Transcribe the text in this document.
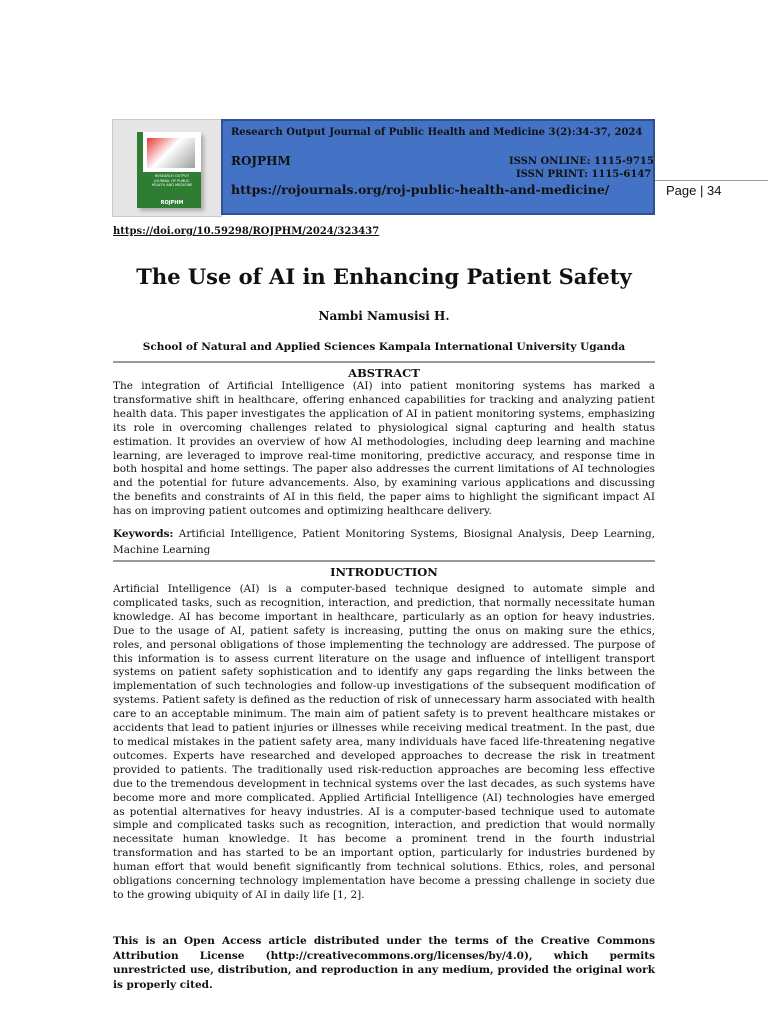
RESEARCH OUTPUT
JOURNAL OF PUBLIC
HEALTH AND MEDICINE
ROJPHM
Research Output Journal of Public Health and Medicine 3(2):34-37, 2024
ROJPHM	ISSN ONLINE: 1115-9715
ISSN PRINT: 1115-6147
https://rojournals.org/roj-public-health-and-medicine/	Page | 34
https://doi.org/10.59298/ROJPHM/2024/323437
The Use of AI in Enhancing Patient Safety
Nambi Namusisi H.
School of Natural and Applied Sciences Kampala International University Uganda
ABSTRACT

The integration of Artificial Intelligence (AI) into patient monitoring systems has marked a transformative shift in healthcare, offering enhanced capabilities for tracking and analyzing patient health data. This paper investigates the application of AI in patient monitoring systems, emphasizing its role in overcoming challenges related to physiological signal capturing and health status estimation. It provides an overview of how AI methodologies, including deep learning and machine learning, are leveraged to improve real-time monitoring, predictive accuracy, and response time in both hospital and home settings. The paper also addresses the current limitations of AI technologies and the potential for future advancements. Also, by examining various applications and discussing the benefits and constraints of AI in this field, the paper aims to highlight the significant impact AI has on improving patient outcomes and optimizing healthcare delivery.

Keywords: Artificial Intelligence, Patient Monitoring Systems, Biosignal Analysis, Deep Learning, Machine Learning

INTRODUCTION

Artificial Intelligence (AI) is a computer-based technique designed to automate simple and complicated tasks, such as recognition, interaction, and prediction, that normally necessitate human knowledge. AI has become important in healthcare, particularly as an option for heavy industries. Due to the usage of AI, patient safety is increasing, putting the onus on making sure the ethics, roles, and personal obligations of those implementing the technology are addressed. The purpose of this information is to assess current literature on the usage and influence of intelligent transport systems on patient safety sophistication and to identify any gaps regarding the links between the implementation of such technologies and follow-up investigations of the subsequent modification of systems. Patient safety is defined as the reduction of risk of unnecessary harm associated with health care to an acceptable minimum. The main aim of patient safety is to prevent healthcare mistakes or accidents that lead to patient injuries or illnesses while receiving medical treatment. In the past, due to medical mistakes in the patient safety area, many individuals have faced life-threatening negative outcomes. Experts have researched and developed approaches to decrease the risk in treatment provided to patients. The traditionally used risk-reduction approaches are becoming less effective due to the tremendous development in technical systems over the last decades, as such systems have become more and more complicated. Applied Artificial Intelligence (AI) technologies have emerged as potential alternatives for heavy industries. AI is a computer-based technique used to automate simple and complicated tasks such as recognition, interaction, and prediction that would normally necessitate human knowledge. It has become a prominent trend in the fourth industrial transformation and has started to be an important option, particularly for industries burdened by human effort that would benefit significantly from technical solutions. Ethics, roles, and personal obligations concerning technology implementation have become a pressing challenge in society due to the growing ubiquity of AI in daily life [1, 2].

This is an Open Access article distributed under the terms of the Creative Commons Attribution License (http://creativecommons.org/licenses/by/4.0), which permits unrestricted use, distribution, and reproduction in any medium, provided the original work is properly cited.
